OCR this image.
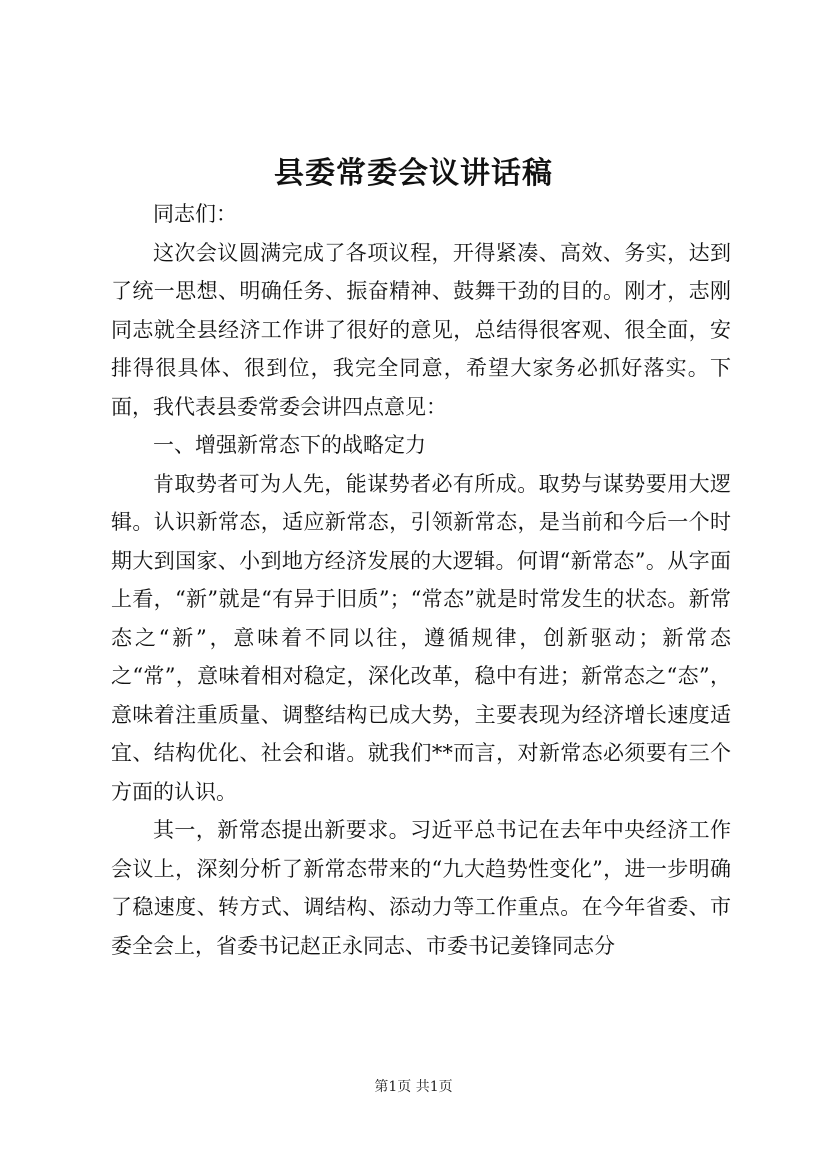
县委常委会议讲话稿

同志们：

这次会议圆满完成了各项议程，开得紧凑、高效、务实，达到了统一思想、明确任务、振奋精神、鼓舞干劲的目的。刚才，志刚同志就全县经济工作讲了很好的意见，总结得很客观、很全面，安排得很具体、很到位，我完全同意，希望大家务必抓好落实。下面，我代表县委常委会讲四点意见：

一、增强新常态下的战略定力

肯取势者可为人先，能谋势者必有所成。取势与谋势要用大逻辑。认识新常态，适应新常态，引领新常态，是当前和今后一个时期大到国家、小到地方经济发展的大逻辑。何谓“新常态”。从字面上看，“新”就是“有异于旧质”；“常态”就是时常发生的状态。新常态之“新”，意味着不同以往，遵循规律，创新驱动；新常态之“常”，意味着相对稳定，深化改革，稳中有进；新常态之“态”，意味着注重质量、调整结构已成大势，主要表现为经济增长速度适宜、结构优化、社会和谐。就我们**而言，对新常态必须要有三个方面的认识。

其一，新常态提出新要求。习近平总书记在去年中央经济工作会议上，深刻分析了新常态带来的“九大趋势性变化”，进一步明确了稳速度、转方式、调结构、添动力等工作重点。在今年省委、市委全会上，省委书记赵正永同志、市委书记姜锋同志分

第1页 共1页
